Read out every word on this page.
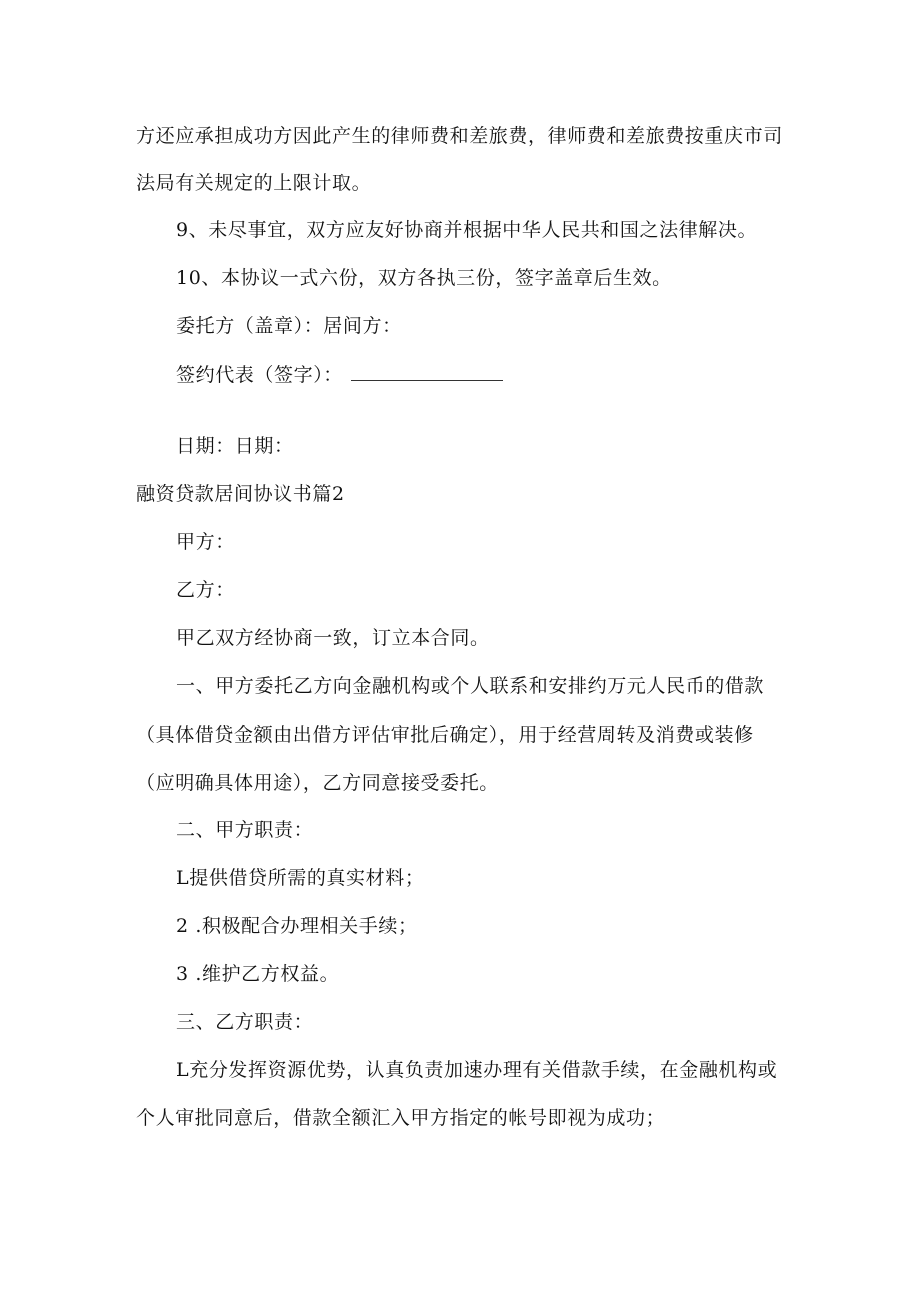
方还应承担成功方因此产生的律师费和差旅费，律师费和差旅费按重庆市司
法局有关规定的上限计取。
9、未尽事宜，双方应友好协商并根据中华人民共和国之法律解决。
10、本协议一式六份，双方各执三份，签字盖章后生效。
委托方（盖章）：居间方：
签约代表（签字）：
日期：日期：
融资贷款居间协议书篇2
甲方：
乙方：
甲乙双方经协商一致，订立本合同。
一、甲方委托乙方向金融机构或个人联系和安排约万元人民币的借款
（具体借贷金额由出借方评估审批后确定），用于经营周转及消费或装修
（应明确具体用途），乙方同意接受委托。
二、甲方职责：
L提供借贷所需的真实材料；
2 .积极配合办理相关手续；
3 .维护乙方权益。
三、乙方职责：
L充分发挥资源优势，认真负责加速办理有关借款手续，在金融机构或
个人审批同意后，借款全额汇入甲方指定的帐号即视为成功；
